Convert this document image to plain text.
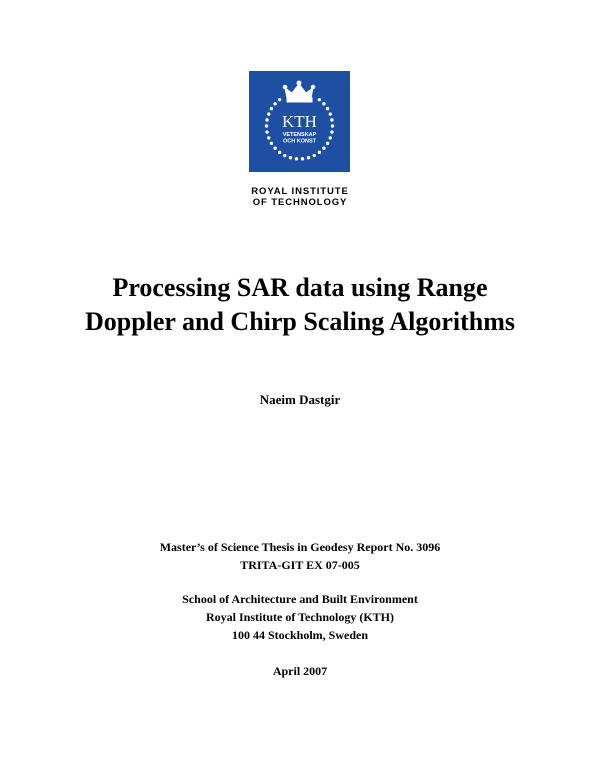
KTH
VETENSKAP
OCH KONST
ROYAL INSTITUTE
OF TECHNOLOGY
Processing SAR data using Range
Doppler and Chirp Scaling Algorithms
Naeim Dastgir
Master’s of Science Thesis in Geodesy Report No. 3096
TRITA-GIT EX 07-005
School of Architecture and Built Environment
Royal Institute of Technology (KTH)
100 44 Stockholm, Sweden
April 2007
